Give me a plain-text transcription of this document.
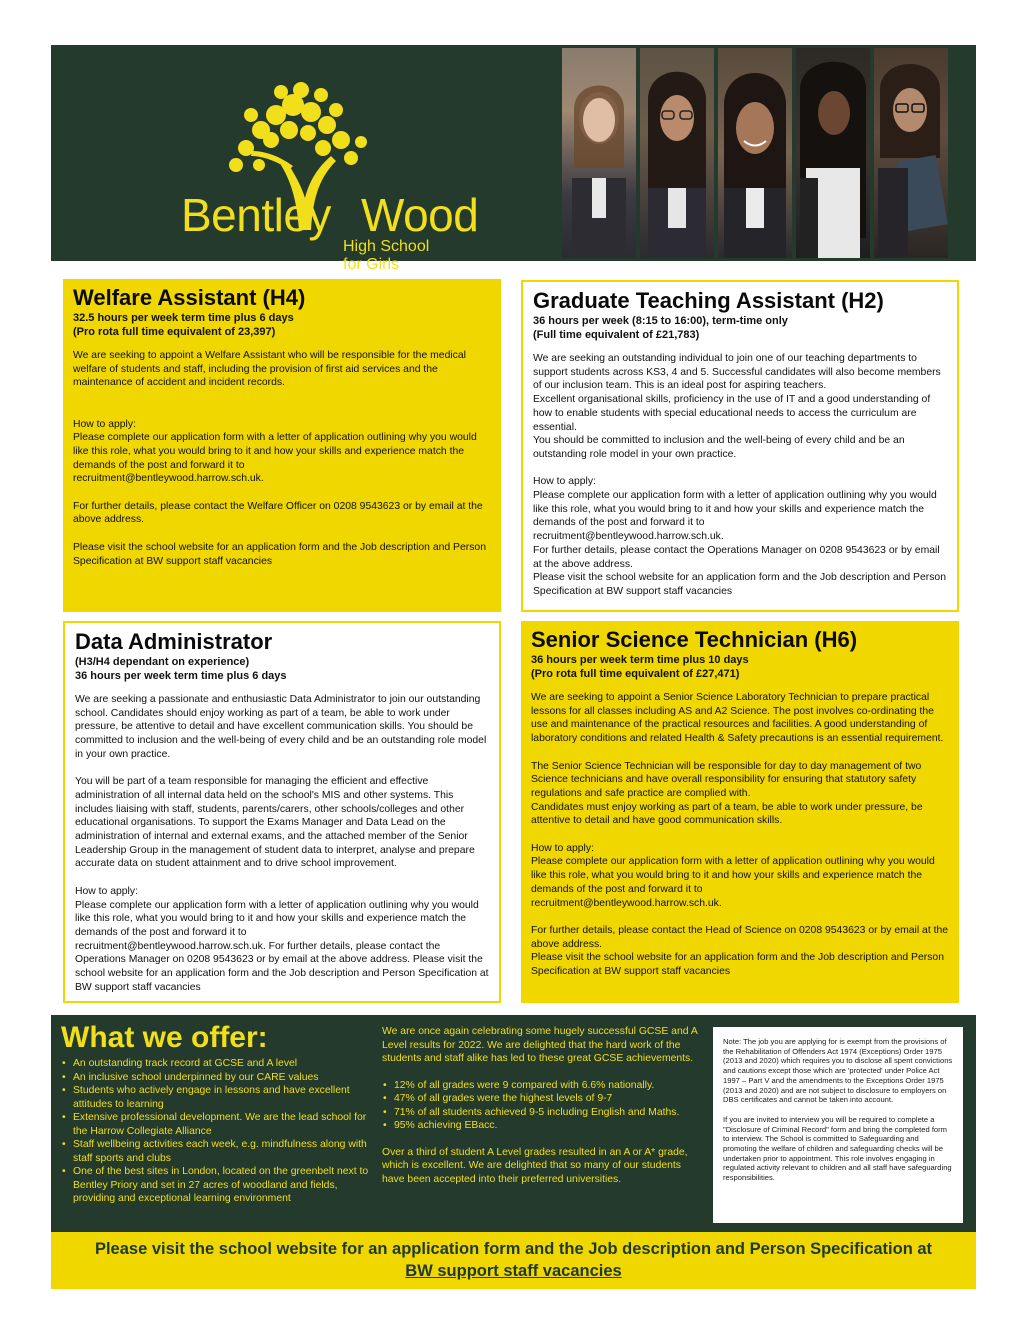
Bentley Wood
High School for Girls
Welfare Assistant (H4)

32.5 hours per week term time plus 6 days

(Pro rota full time equivalent of 23,397)

We are seeking to appoint a Welfare Assistant who will be responsible for the medical welfare of students and staff, including the provision of first aid services and the maintenance of accident and incident records.

How to apply:
Please complete our application form with a letter of application outlining why you would like this role, what you would bring to it and how your skills and experience match the demands of the post and forward it to
recruitment@bentleywood.harrow.sch.uk.

For further details, please contact the Welfare Officer on 0208 9543623 or by email at the above address.

Please visit the school website for an application form and the Job description and Person Specification at BW support staff vacancies
Graduate Teaching Assistant (H2)

36 hours per week (8:15 to 16:00), term-time only

(Full time equivalent of £21,783)

We are seeking an outstanding individual to join one of our teaching departments to support students across KS3, 4 and 5. Successful candidates will also become members of our inclusion team. This is an ideal post for aspiring teachers.
Excellent organisational skills, proficiency in the use of IT and a good understanding of how to enable students with special educational needs to access the curriculum are essential.
You should be committed to inclusion and the well-being of every child and be an outstanding role model in your own practice.

How to apply:
Please complete our application form with a letter of application outlining why you would like this role, what you would bring to it and how your skills and experience match the demands of the post and forward it to
recruitment@bentleywood.harrow.sch.uk.
For further details, please contact the Operations Manager on 0208 9543623 or by email at the above address.
Please visit the school website for an application form and the Job description and Person Specification at BW support staff vacancies
Data Administrator

(H3/H4 dependant on experience)

36 hours per week term time plus 6 days

We are seeking a passionate and enthusiastic Data Administrator to join our outstanding school. Candidates should enjoy working as part of a team, be able to work under pressure, be attentive to detail and have excellent communication skills. You should be committed to inclusion and the well-being of every child and be an outstanding role model in your own practice.

You will be part of a team responsible for managing the efficient and effective administration of all internal data held on the school's MIS and other systems. This includes liaising with staff, students, parents/carers, other schools/colleges and other educational organisations. To support the Exams Manager and Data Lead on the administration of internal and external exams, and the attached member of the Senior Leadership Group in the management of student data to interpret, analyse and prepare accurate data on student attainment and to drive school improvement.

How to apply:
Please complete our application form with a letter of application outlining why you would like this role, what you would bring to it and how your skills and experience match the demands of the post and forward it to
recruitment@bentleywood.harrow.sch.uk. For further details, please contact the Operations Manager on 0208 9543623 or by email at the above address. Please visit the school website for an application form and the Job description and Person Specification at BW support staff vacancies
Senior Science Technician (H6)

36 hours per week term time plus 10 days

(Pro rota full time equivalent of £27,471)

We are seeking to appoint a Senior Science Laboratory Technician to prepare practical lessons for all classes including AS and A2 Science. The post involves co-ordinating the use and maintenance of the practical resources and facilities. A good understanding of laboratory conditions and related Health & Safety precautions is an essential requirement.

The Senior Science Technician will be responsible for day to day management of two Science technicians and have overall responsibility for ensuring that statutory safety regulations and safe practice are complied with.
Candidates must enjoy working as part of a team, be able to work under pressure, be attentive to detail and have good communication skills.

How to apply:
Please complete our application form with a letter of application outlining why you would like this role, what you would bring to it and how your skills and experience match the demands of the post and forward it to
recruitment@bentleywood.harrow.sch.uk.

For further details, please contact the Head of Science on 0208 9543623 or by email at the above address.
Please visit the school website for an application form and the Job description and Person Specification at BW support staff vacancies
What we offer:
• An outstanding track record at GCSE and A level
• An inclusive school underpinned by our CARE values
• Students who actively engage in lessons and have excellent attitudes to learning
• Extensive professional development. We are the lead school for the Harrow Collegiate Alliance
• Staff wellbeing activities each week, e.g. mindfulness along with staff sports and clubs
• One of the best sites in London, located on the greenbelt next to Bentley Priory and set in 27 acres of woodland and fields, providing and exceptional learning environment
We are once again celebrating some hugely successful GCSE and A Level results for 2022. We are delighted that the hard work of the students and staff alike has led to these great GCSE achievements.
• 12% of all grades were 9 compared with 6.6% nationally.
• 47% of all grades were the highest levels of 9-7
• 71% of all students achieved 9-5 including English and Maths.
• 95% achieving EBacc.
Over a third of student A Level grades resulted in an A or A* grade, which is excellent. We are delighted that so many of our students have been accepted into their preferred universities.

Note: The job you are applying for is exempt from the provisions of the Rehabilitation of Offenders Act 1974 (Exceptions) Order 1975 (2013 and 2020) which requires you to disclose all spent convictions and cautions except those which are 'protected' under Police Act 1997 – Part V and the amendments to the Exceptions Order 1975 (2013 and 2020) and are not subject to disclosure to employers on DBS certificates and cannot be taken into account.

If you are invited to interview you will be required to complete a "Disclosure of Criminal Record" form and bring the completed form to interview. The School is committed to Safeguarding and promoting the welfare of children and safeguarding checks will be undertaken prior to appointment. This role involves engaging in regulated activity relevant to children and all staff have safeguarding responsibilities.

Please visit the school website for an application form and the Job description and Person Specification at
BW support staff vacancies
